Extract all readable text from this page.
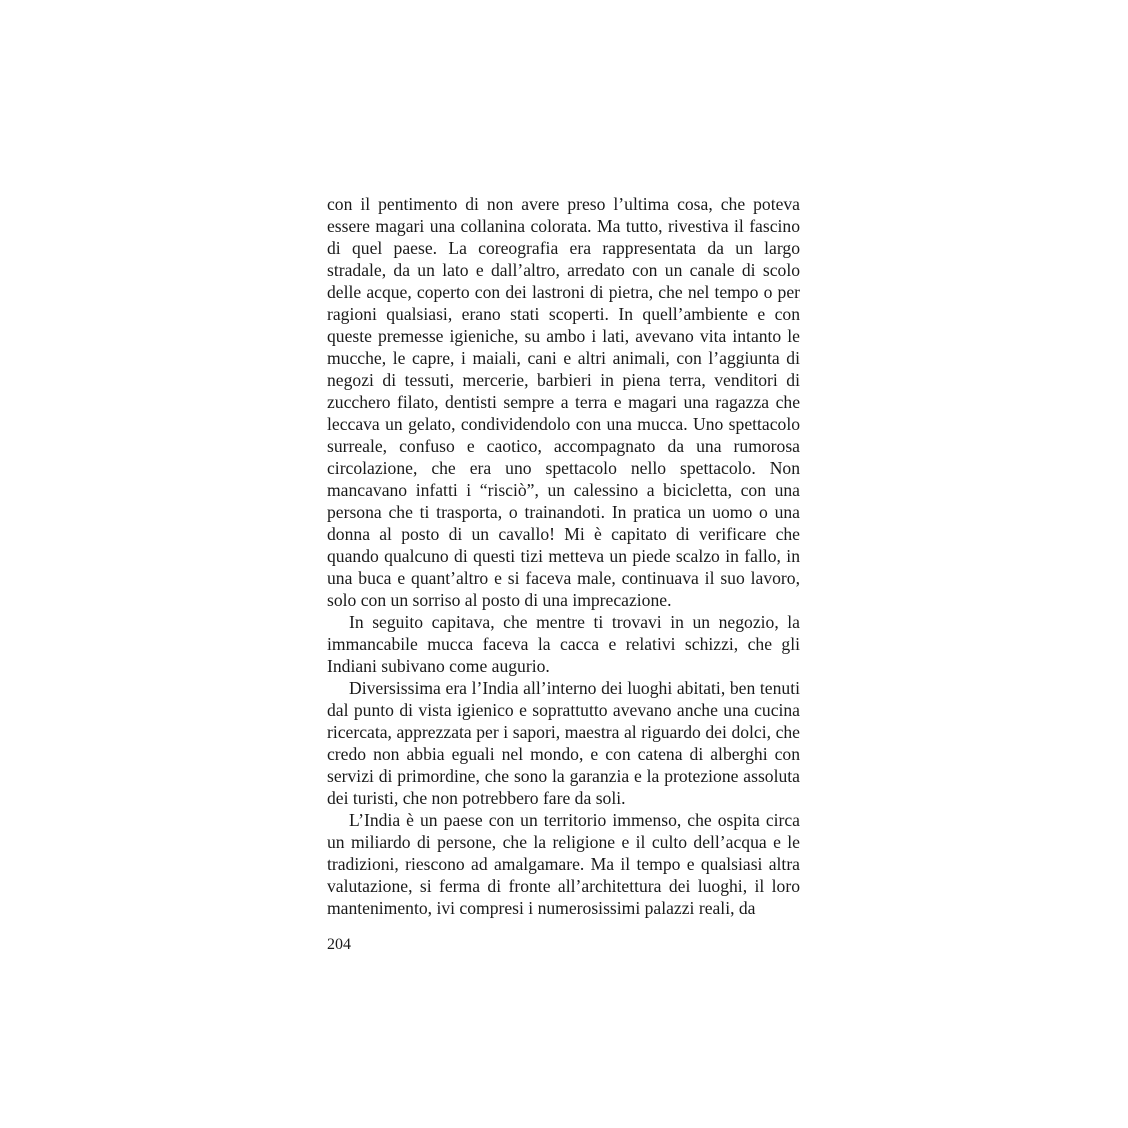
con il pentimento di non avere preso l’ultima cosa, che poteva essere magari una collanina colorata. Ma tutto, rivestiva il fascino di quel paese. La coreografia era rappresentata da un largo stradale, da un lato e dall’altro, arredato con un canale di scolo delle acque, coperto con dei lastroni di pietra, che nel tempo o per ragioni qualsiasi, erano stati scoperti. In quell’ambiente e con queste premesse igieniche, su ambo i lati, avevano vita intanto le mucche, le capre, i maiali, cani e altri animali, con l’aggiunta di negozi di tessuti, mercerie, barbieri in piena terra, venditori di zucchero filato, dentisti sempre a terra e magari una ragazza che leccava un gelato, condividendolo con una mucca. Uno spettacolo surreale, confuso e caotico, accompagnato da una rumorosa circolazione, che era uno spettacolo nello spettacolo. Non mancavano infatti i “risciò”, un calessino a bicicletta, con una persona che ti trasporta, o trainandoti. In pratica un uomo o una donna al posto di un cavallo! Mi è capitato di verificare che quando qualcuno di questi tizi metteva un piede scalzo in fallo, in una buca e quant’altro e si faceva male, continuava il suo lavoro, solo con un sorriso al posto di una imprecazione.

In seguito capitava, che mentre ti trovavi in un negozio, la immancabile mucca faceva la cacca e relativi schizzi, che gli Indiani subivano come augurio.

Diversissima era l’India all’interno dei luoghi abitati, ben tenuti dal punto di vista igienico e soprattutto avevano anche una cucina ricercata, apprezzata per i sapori, maestra al riguardo dei dolci, che credo non abbia eguali nel mondo, e con catena di alberghi con servizi di primordine, che sono la garanzia e la protezione assoluta dei turisti, che non potrebbero fare da soli.

L’India è un paese con un territorio immenso, che ospita circa un miliardo di persone, che la religione e il culto dell’acqua e le tradizioni, riescono ad amalgamare. Ma il tempo e qualsiasi altra valutazione, si ferma di fronte all’architettura dei luoghi, il loro mantenimento, ivi compresi i numerosissimi palazzi reali, da

204
